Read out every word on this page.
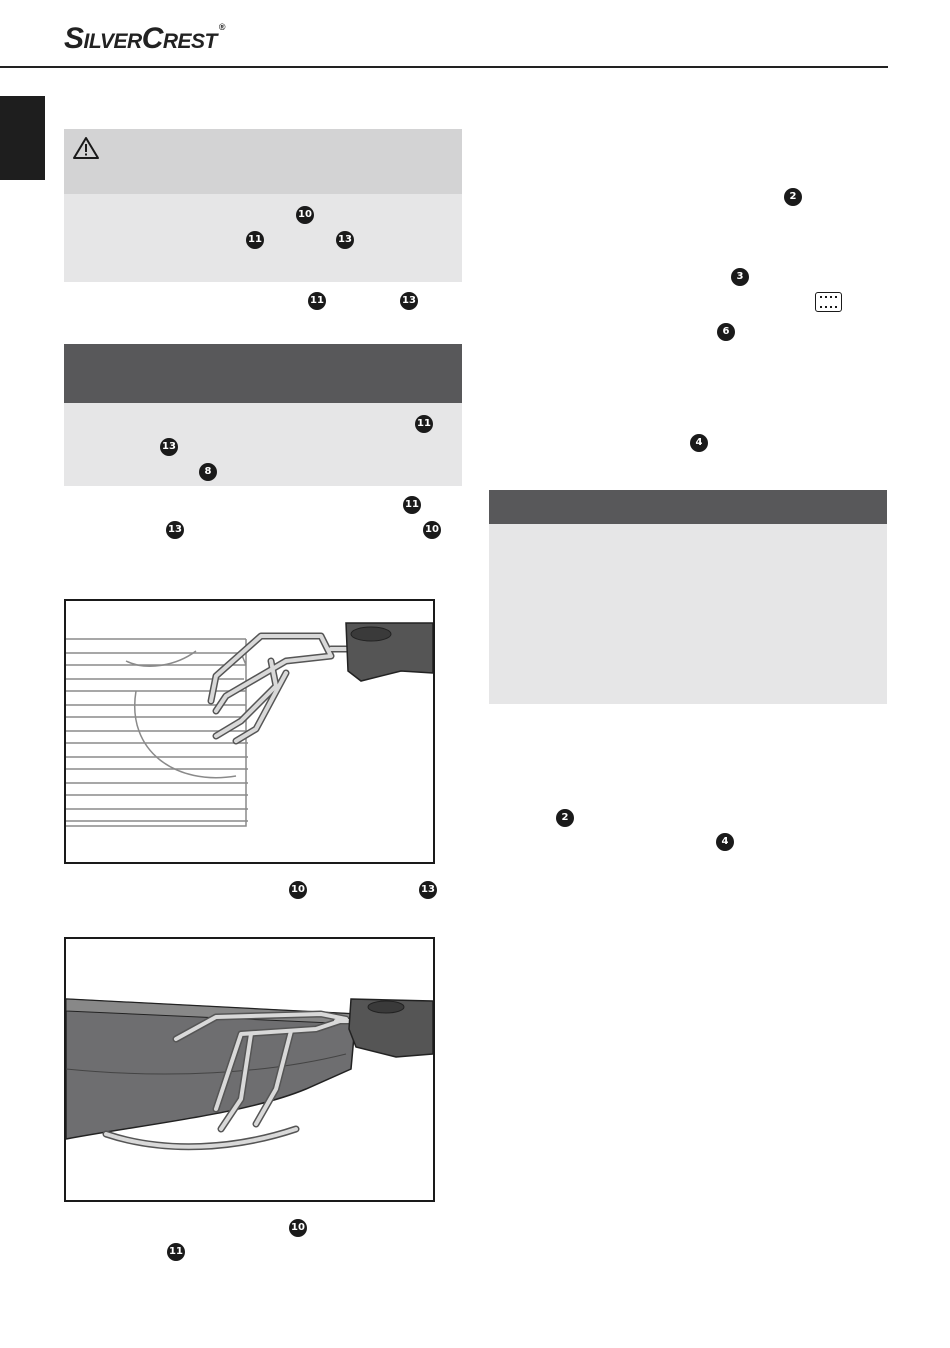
SilverCrest ®
10
11	13
11	13
11
13
8
11
13	10
10	13
10
11
2
3
6
4
2
4
